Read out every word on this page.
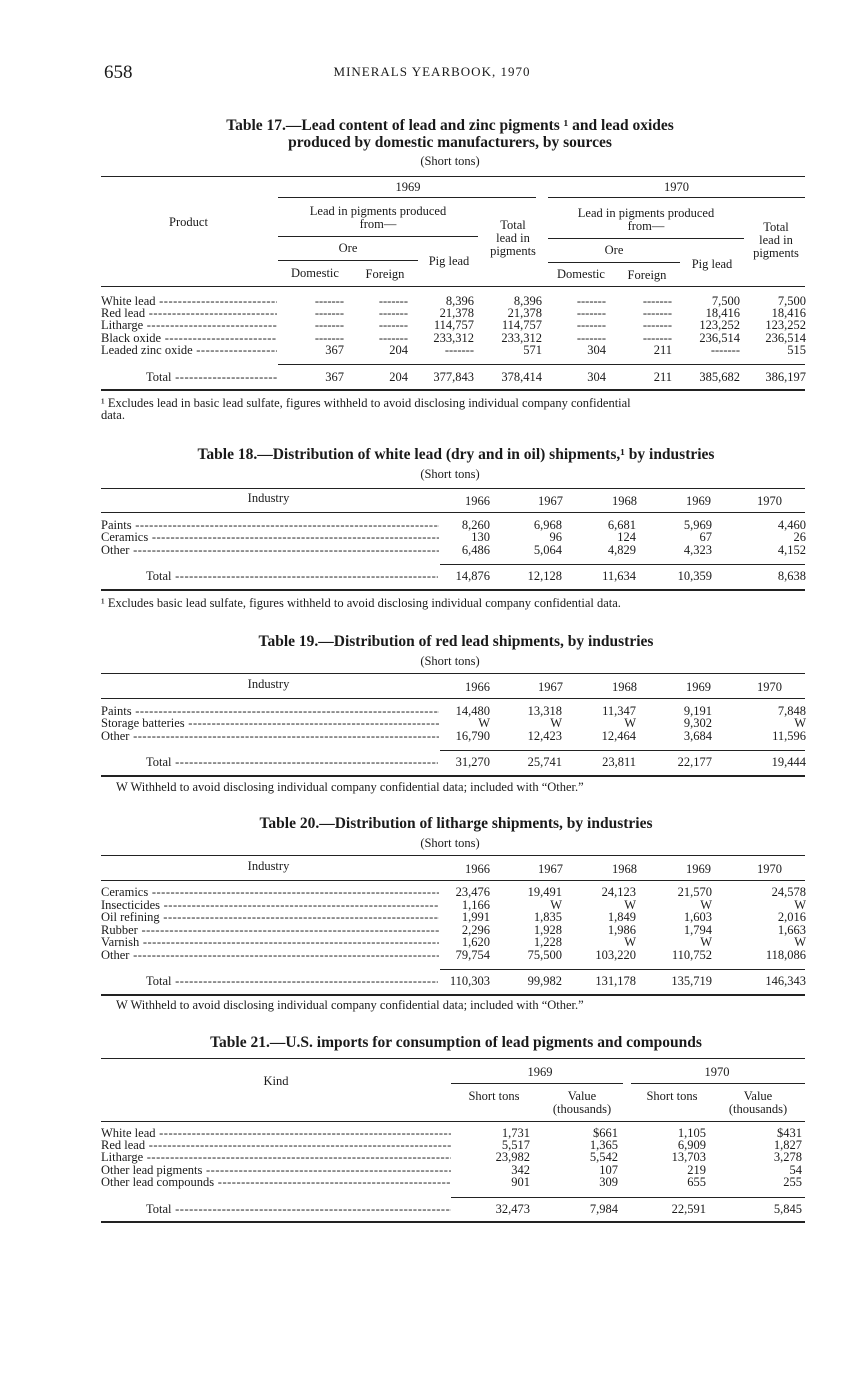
658	MINERALS YEARBOOK, 1970
Table 17.—Lead content of lead and zinc pigments ¹ and lead oxides
produced by domestic manufacturers, by sources
(Short tons)
1969	1970
Product
Lead in pigments produced
from—
Lead in pigments produced
from—
Total
lead in
pigments
Total
lead in
pigments
Ore	Ore
Pig lead	Pig lead
Domestic	Foreign	Domestic	Foreign
White lead -----	-------	-------	8,396	8,396	-------	-------	7,500	7,500
Red lead -----	-------	-------	21,378	21,378	-------	-------	18,416	18,416
Litharge -----	-------	-------	114,757	114,757	-------	-------	123,252	123,252
Black oxide -----	-------	-------	233,312	233,312	-------	-------	236,514	236,514
Leaded zinc oxide -----	367	204	-------	571	304	211	-------	515
Total -----	367	204	377,843	378,414	304	211	385,682	386,197
¹ Excludes lead in basic lead sulfate, figures withheld to avoid disclosing individual company confidential
data.
Table 18.—Distribution of white lead (dry and in oil) shipments,¹ by industries
(Short tons)
Industry	1966	1967	1968	1969	1970
Paints -----	8,260	6,968	6,681	5,969	4,460
Ceramics -----	130	96	124	67	26
Other -----	6,486	5,064	4,829	4,323	4,152
Total -----	14,876	12,128	11,634	10,359	8,638
¹ Excludes basic lead sulfate, figures withheld to avoid disclosing individual company confidential data.
Table 19.—Distribution of red lead shipments, by industries
(Short tons)
Industry	1966	1967	1968	1969	1970
Paints -----	14,480	13,318	11,347	9,191	7,848
Storage batteries -----	W	W	W	9,302	W
Other -----	16,790	12,423	12,464	3,684	11,596
Total -----	31,270	25,741	23,811	22,177	19,444
W Withheld to avoid disclosing individual company confidential data; included with “Other.”
Table 20.—Distribution of litharge shipments, by industries
(Short tons)
Industry	1966	1967	1968	1969	1970
Ceramics -----	23,476	19,491	24,123	21,570	24,578
Insecticides -----	1,166	W	W	W	W
Oil refining -----	1,991	1,835	1,849	1,603	2,016
Rubber -----	2,296	1,928	1,986	1,794	1,663
Varnish -----	1,620	1,228	W	W	W
Other -----	79,754	75,500	103,220	110,752	118,086
Total -----	110,303	99,982	131,178	135,719	146,343
W Withheld to avoid disclosing individual company confidential data; included with “Other.”
Table 21.—U.S. imports for consumption of lead pigments and compounds
Kind
1969	1970
Short tons	Value
(thousands)
Short tons	Value
(thousands)
White lead -----	1,731	$661	1,105	$431
Red lead -----	5,517	1,365	6,909	1,827
Litharge -----	23,982	5,542	13,703	3,278
Other lead pigments -----	342	107	219	54
Other lead compounds -----	901	309	655	255
Total -----	32,473	7,984	22,591	5,845
